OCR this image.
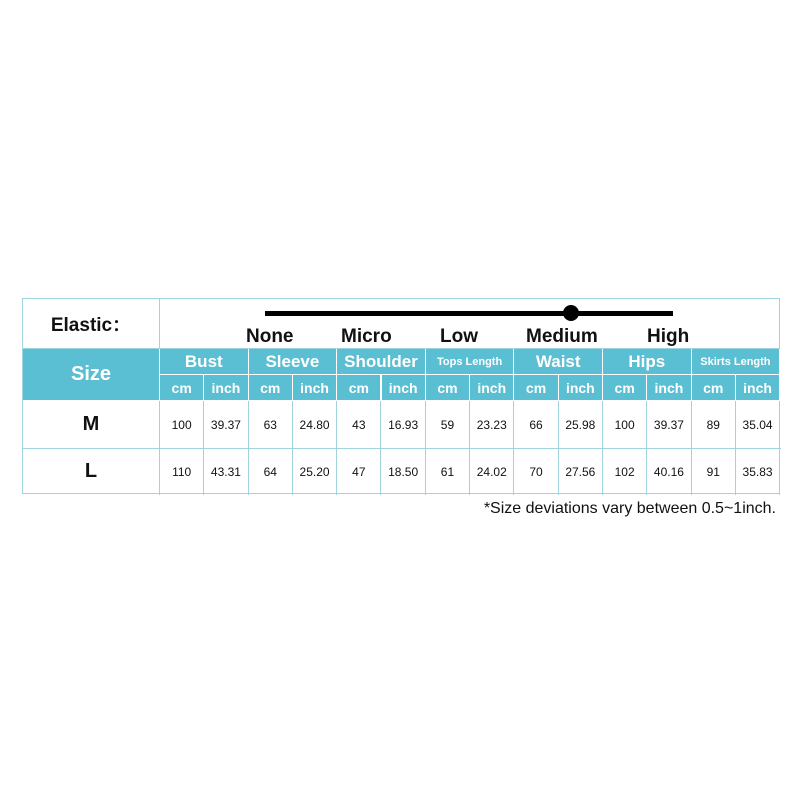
Elastic：
None	Micro	Low	Medium	High
Size
Bust
cm	inch
Sleeve
cm	inch
Shoulder
cm	inch
Tops Length
cm	inch
Waist
cm	inch
Hips
cm	inch
Skirts Length
cm	inch
M	100	39.37	63	24.80	43	16.93	59	23.23	66	25.98	100	39.37	89	35.04
L	110	43.31	64	25.20	47	18.50	61	24.02	70	27.56	102	40.16	91	35.83
*Size deviations vary between 0.5~1inch.
